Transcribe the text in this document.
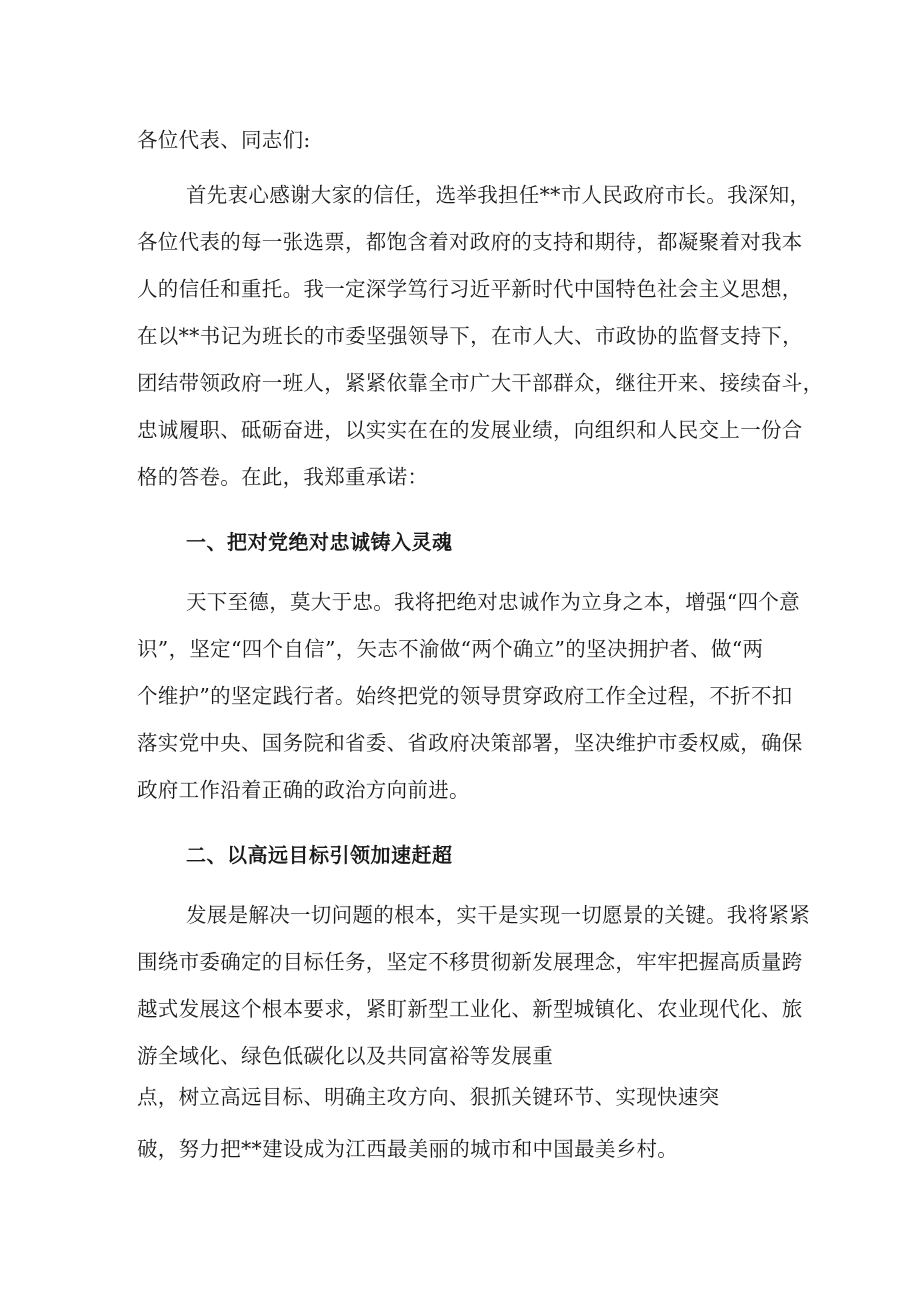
各位代表、同志们:
首先衷心感谢大家的信任，选举我担任**市人民政府市长。我深知，
各位代表的每一张选票，都饱含着对政府的支持和期待，都凝聚着对我本
人的信任和重托。我一定深学笃行习近平新时代中国特色社会主义思想，
在以**书记为班长的市委坚强领导下，在市人大、市政协的监督支持下，
团结带领政府一班人，紧紧依靠全市广大干部群众，继往开来、接续奋斗，
忠诚履职、砥砺奋进，以实实在在的发展业绩，向组织和人民交上一份合
格的答卷。在此，我郑重承诺：
一、把对党绝对忠诚铸入灵魂
天下至德，莫大于忠。我将把绝对忠诚作为立身之本，增强“四个意
识”，坚定“四个自信”，矢志不渝做“两个确立”的坚决拥护者、做“两
个维护”的坚定践行者。始终把党的领导贯穿政府工作全过程，不折不扣
落实党中央、国务院和省委、省政府决策部署，坚决维护市委权威，确保
政府工作沿着正确的政治方向前进。
二、以高远目标引领加速赶超
发展是解决一切问题的根本，实干是实现一切愿景的关键。我将紧紧
围绕市委确定的目标任务，坚定不移贯彻新发展理念，牢牢把握高质量跨
越式发展这个根本要求，紧盯新型工业化、新型城镇化、农业现代化、旅
游全域化、绿色低碳化以及共同富裕等发展重
点，树立高远目标、明确主攻方向、狠抓关键环节、实现快速突
破，努力把**建设成为江西最美丽的城市和中国最美乡村。
